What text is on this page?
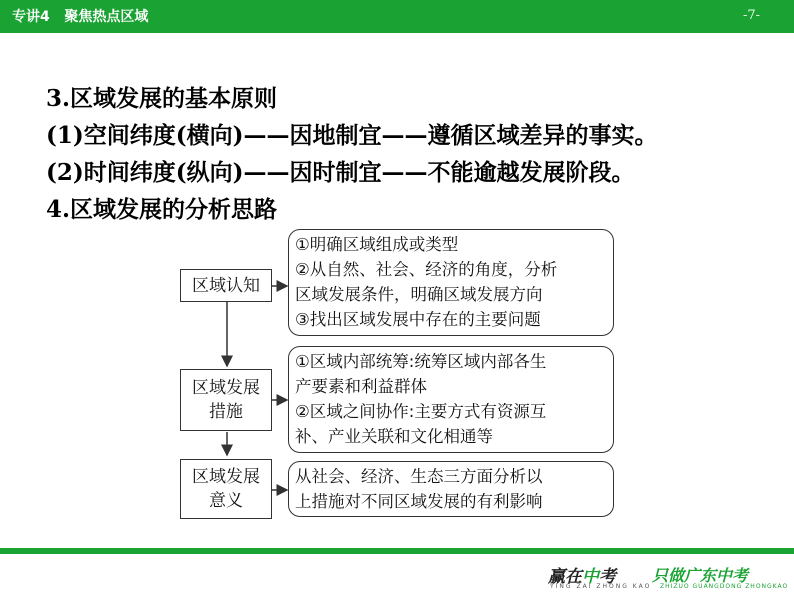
专讲4   聚焦热点区域	-7-
3.区域发展的基本原则
(1)空间纬度(横向)——因地制宜——遵循区域差异的事实。
(2)时间纬度(纵向)——因时制宜——不能逾越发展阶段。
4.区域发展的分析思路
区域认知
区域发展
措施
区域发展
意义
①明确区域组成或类型
②从自然、社会、经济的角度，分析
区域发展条件，明确区域发展方向
③找出区域发展中存在的主要问题
①区域内部统筹:统筹区域内部各生
产要素和利益群体
②区域之间协作:主要方式有资源互
补、产业关联和文化相通等
从社会、经济、生态三方面分析以
上措施对不同区域发展的有利影响
赢在中考
YING ZAI ZHONG KAO
只做广东中考
ZHIZUO GUANGDONG ZHONGKAO
